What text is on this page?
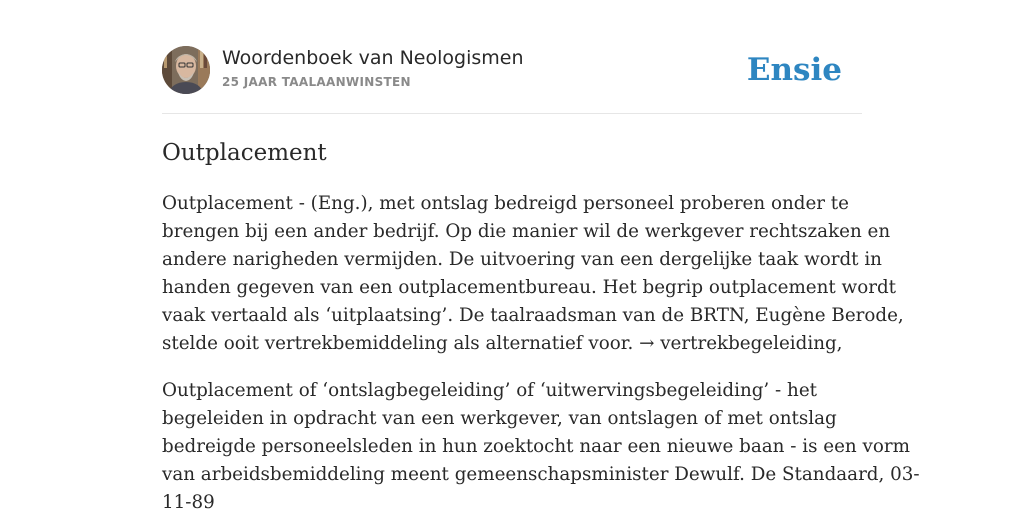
Woordenboek van Neologismen
25 JAAR TAALAANWINSTEN	Ensie
Outplacement

Outplacement - (Eng.), met ontslag bedreigd personeel proberen onder te
brengen bij een ander bedrijf. Op die manier wil de werkgever rechtszaken en
andere narigheden vermijden. De uitvoering van een dergelijke taak wordt in
handen gegeven van een outplacementbureau. Het begrip outplacement wordt
vaak vertaald als ‘uitplaatsing’. De taalraadsman van de BRTN, Eugène Berode,
stelde ooit vertrekbemiddeling als alternatief voor. → vertrekbegeleiding,

Outplacement of ‘ontslagbegeleiding’ of ‘uitwervingsbegeleiding’ - het
begeleiden in opdracht van een werkgever, van ontslagen of met ontslag
bedreigde personeelsleden in hun zoektocht naar een nieuwe baan - is een vorm
van arbeidsbemiddeling meent gemeenschapsminister Dewulf. De Standaard, 03-
11-89
